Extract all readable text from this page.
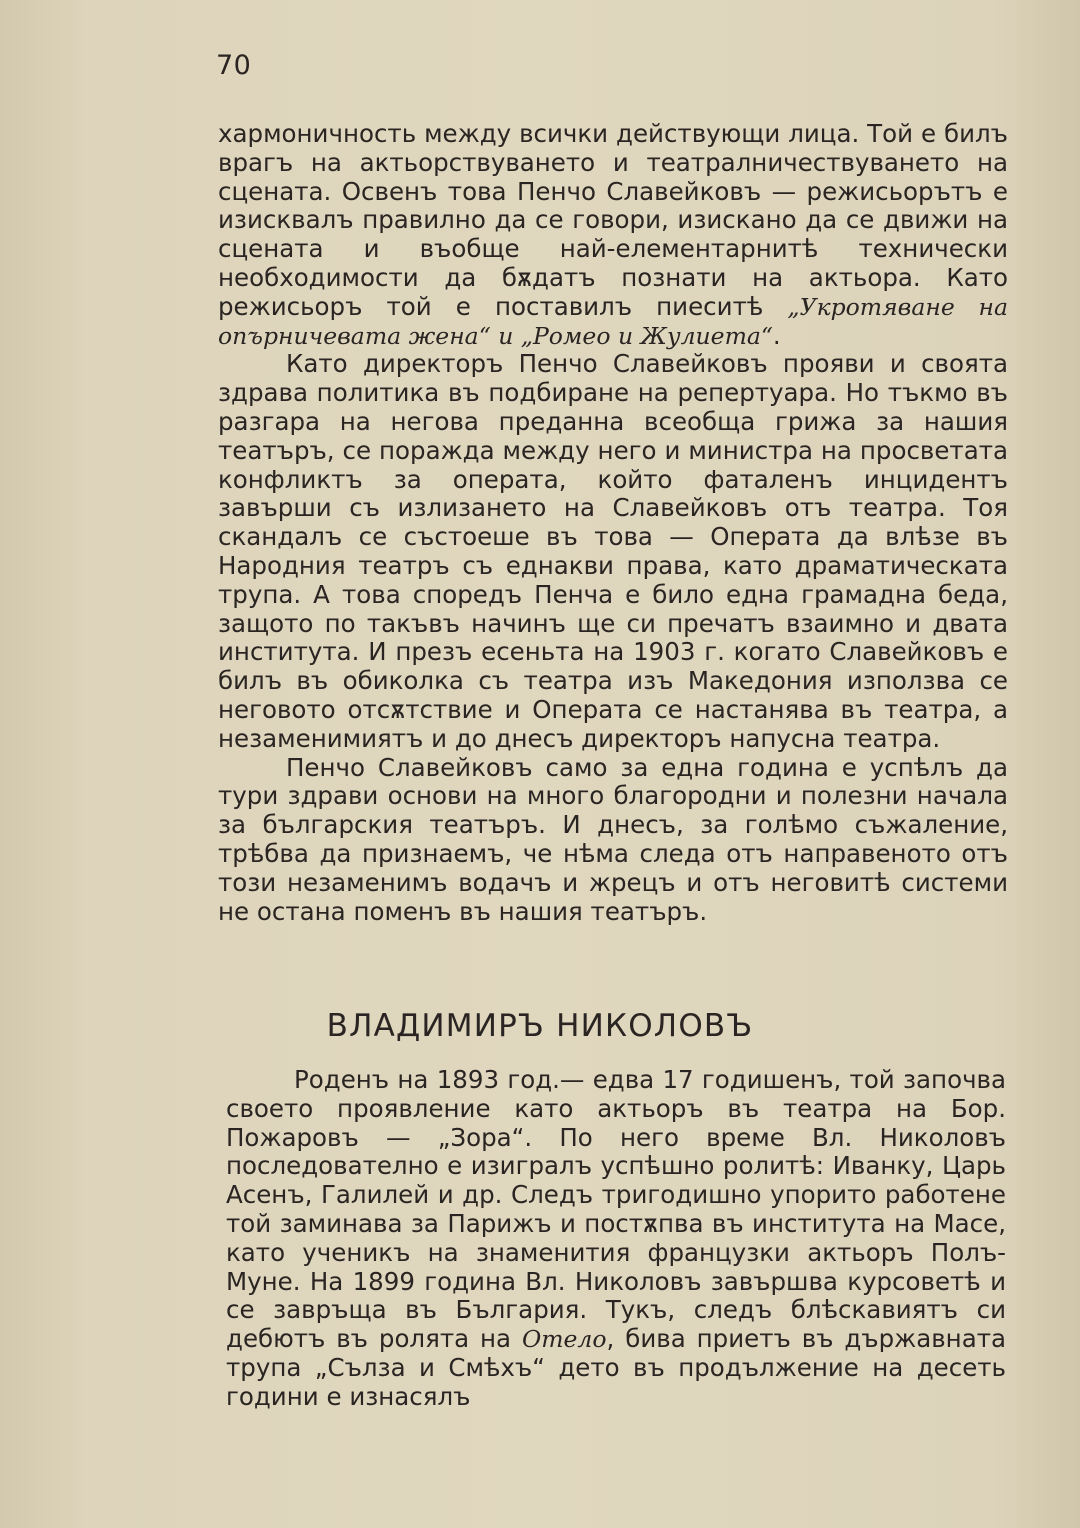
70

хармоничность между всички действующи лица. Той е билъ врагъ на актьорствуването и театралничествуването на сцената. Освенъ това Пенчо Славейковъ — режисьорътъ е изисквалъ правилно да се говори, изискано да се движи на сцената и въобще най-елементарнитѣ технически необходимости да бѫдатъ познати на актьора. Като режисьоръ той е поставилъ пиеситѣ „Укротяване на опърничевата жена“ и „Ромео и Жулиета“.

Като директоръ Пенчо Славейковъ прояви и своята здрава политика въ подбиране на репертуара. Но тъкмо въ разгара на негова преданна всеобща грижа за нашия театъръ, се поражда между него и министра на просветата конфликтъ за операта, който фаталенъ инцидентъ завърши съ излизането на Славейковъ отъ театра. Тоя скандалъ се състоеше въ това — Операта да влѣзе въ Народния театръ съ еднакви права, като драматическата трупа. А това споредъ Пенча е било една грамадна беда, защото по такъвъ начинъ ще си пречатъ взаимно и двата института. И презъ есеньта на 1903 г. когато Славейковъ е билъ въ обиколка съ театра изъ Македония използва се неговото отсѫтствие и Операта се настанява въ театра, а незаменимиятъ и до днесъ директоръ напусна театра.

Пенчо Славейковъ само за една година е успѣлъ да тури здрави основи на много благородни и полезни начала за българския театъръ. И днесъ, за голѣмо съжаление, трѣбва да признаемъ, че нѣма следа отъ направеното отъ този незаменимъ водачъ и жрецъ и отъ неговитѣ системи не остана поменъ въ нашия театъръ.

ВЛАДИМИРЪ НИКОЛОВЪ

Роденъ на 1893 год.— едва 17 годишенъ, той започва своето проявление като актьоръ въ театра на Бор. Пожаровъ — „Зора“. По него време Вл. Николовъ последователно е изигралъ успѣшно ролитѣ: Иванку, Царь Асенъ, Галилей и др. Следъ тригодишно упорито работене той заминава за Парижъ и постѫпва въ института на Масе, като ученикъ на знаменития французки актьоръ Полъ-Муне. На 1899 година Вл. Николовъ завършва курсоветѣ и се завръща въ България. Тукъ, следъ блѣскавиятъ си дебютъ въ ролята на Отело, бива приетъ въ държавната трупа „Сълза и Смѣхъ“ дето въ продължение на десеть години е изнасялъ
